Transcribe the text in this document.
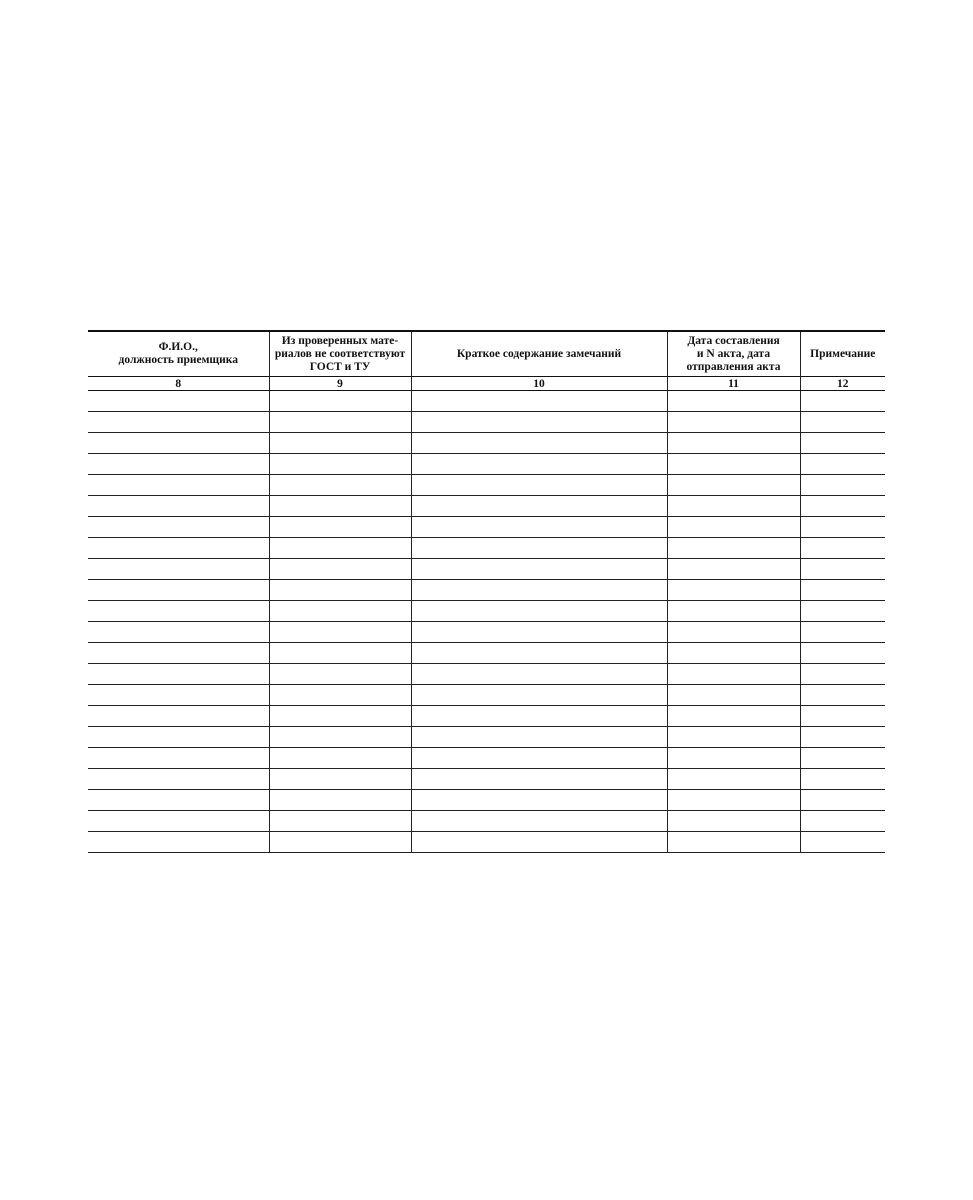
Ф.И.О.,
должность приемщика	Из проверенных мате-
риалов не соответствуют
ГОСТ и ТУ	Краткое содержание замечаний	Дата составления
и N акта, дата
отправления акта	Примечание
8	9	10	11	12
